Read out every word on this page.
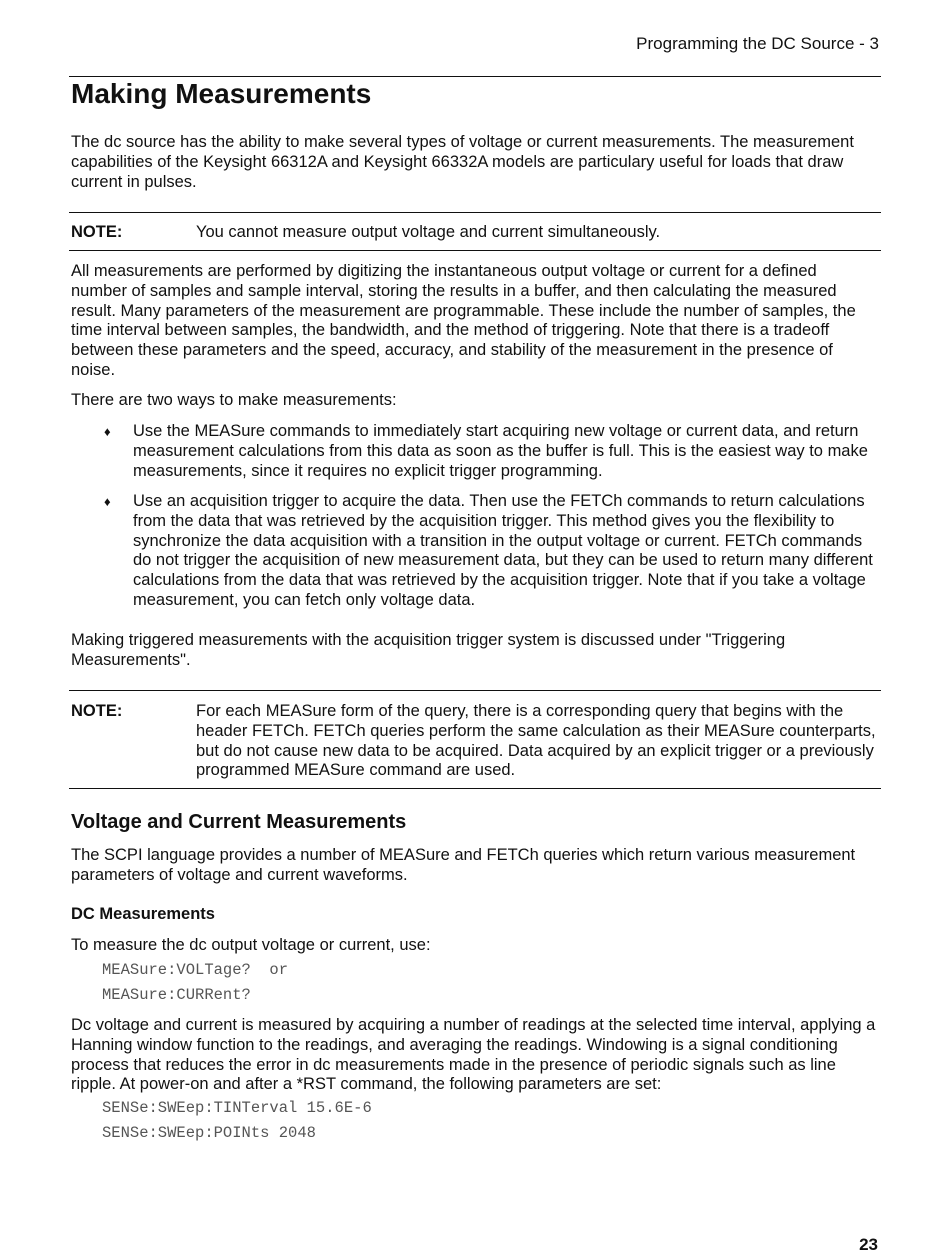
Programming the DC Source - 3
Making Measurements

The dc source has the ability to make several types of voltage or current measurements. The measurement capabilities of the Keysight 66312A and Keysight 66332A models are particulary useful for loads that draw current in pulses.

NOTE:	You cannot measure output voltage and current simultaneously.

All measurements are performed by digitizing the instantaneous output voltage or current for a defined number of samples and sample interval, storing the results in a buffer, and then calculating the measured result. Many parameters of the measurement are programmable. These include the number of samples, the time interval between samples, the bandwidth, and the method of triggering. Note that there is a tradeoff between these parameters and the speed, accuracy, and stability of the measurement in the presence of noise.

There are two ways to make measurements:

♦ Use the MEASure commands to immediately start acquiring new voltage or current data, and return measurement calculations from this data as soon as the buffer is full. This is the easiest way to make measurements, since it requires no explicit trigger programming.
♦ Use an acquisition trigger to acquire the data. Then use the FETCh commands to return calculations from the data that was retrieved by the acquisition trigger. This method gives you the flexibility to synchronize the data acquisition with a transition in the output voltage or current. FETCh commands do not trigger the acquisition of new measurement data, but they can be used to return many different calculations from the data that was retrieved by the acquisition trigger. Note that if you take a voltage measurement, you can fetch only voltage data.

Making triggered measurements with the acquisition trigger system is discussed under "Triggering Measurements".

NOTE:	For each MEASure form of the query, there is a corresponding query that begins with the header FETCh. FETCh queries perform the same calculation as their MEASure counterparts, but do not cause new data to be acquired. Data acquired by an explicit trigger or a previously programmed MEASure command are used.
Voltage and Current Measurements

The SCPI language provides a number of MEASure and FETCh queries which return various measurement parameters of voltage and current waveforms.

DC Measurements

To measure the dc output voltage or current, use:

MEASure:VOLTage?  or
MEASure:CURRent?

Dc voltage and current is measured by acquiring a number of readings at the selected time interval, applying a Hanning window function to the readings, and averaging the readings. Windowing is a signal conditioning process that reduces the error in dc measurements made in the presence of periodic signals such as line ripple. At power-on and after a *RST command, the following parameters are set:

SENSe:SWEep:TINTerval 15.6E-6
SENSe:SWEep:POINts 2048
23
